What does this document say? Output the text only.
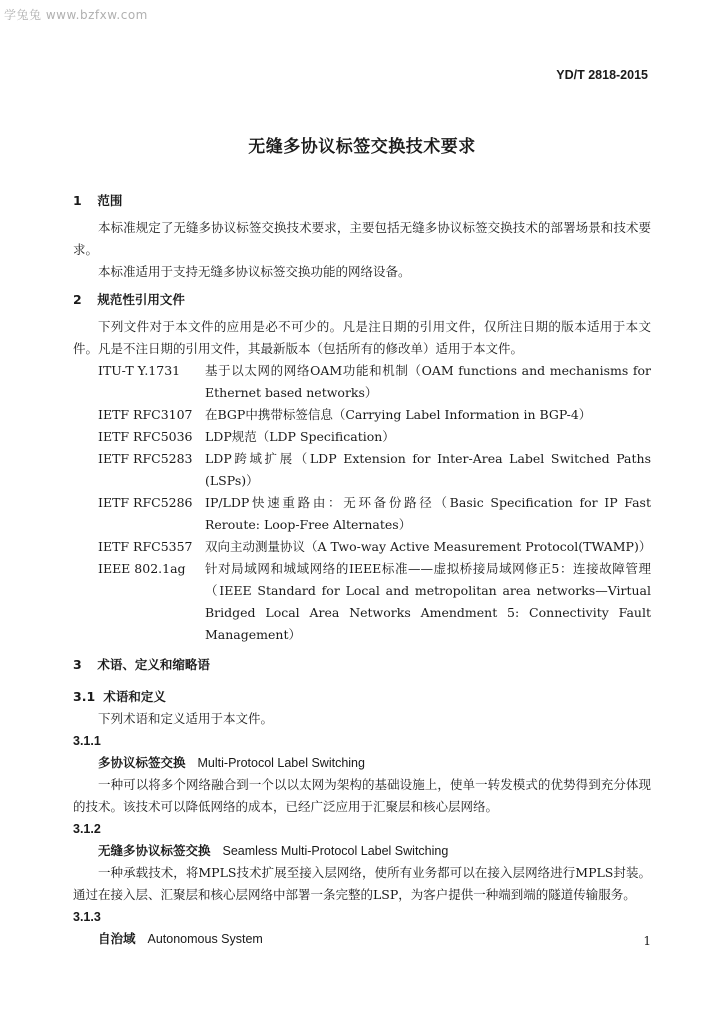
学兔兔 www.bzfxw.com
YD/T 2818-2015
无缝多协议标签交换技术要求
1 范围

本标准规定了无缝多协议标签交换技术要求，主要包括无缝多协议标签交换技术的部署场景和技术要求。

本标准适用于支持无缝多协议标签交换功能的网络设备。

2 规范性引用文件

下列文件对于本文件的应用是必不可少的。凡是注日期的引用文件，仅所注日期的版本适用于本文件。凡是不注日期的引用文件，其最新版本（包括所有的修改单）适用于本文件。

ITU-T Y.1731	基于以太网的网络OAM功能和机制（OAM functions and mechanisms for Ethernet based networks）
IETF RFC3107 在BGP中携带标签信息（Carrying Label Information in BGP-4）
IETF RFC5036 LDP规范（LDP Specification）
IETF RFC5283 LDP跨域扩展（LDP Extension for Inter-Area Label Switched Paths (LSPs)）
IETF RFC5286 IP/LDP快速重路由：无环备份路径（Basic Specification for IP Fast Reroute: Loop-Free Alternates）
IETF RFC5357 双向主动测量协议（A Two-way Active Measurement Protocol(TWAMP)）
IEEE 802.1ag	针对局域网和城域网络的IEEE标准——虚拟桥接局域网修正5：连接故障管理（IEEE Standard for Local and metropolitan area networks—Virtual Bridged Local Area Networks Amendment 5: Connectivity Fault Management）
3 术语、定义和缩略语
3.1 术语和定义

下列术语和定义适用于本文件。

3.1.1
多协议标签交换 Multi-Protocol Label Switching

一种可以将多个网络融合到一个以以太网为架构的基础设施上，使单一转发模式的优势得到充分体现的技术。该技术可以降低网络的成本，已经广泛应用于汇聚层和核心层网络。

3.1.2
无缝多协议标签交换 Seamless Multi-Protocol Label Switching

一种承载技术，将MPLS技术扩展至接入层网络，使所有业务都可以在接入层网络进行MPLS封装。通过在接入层、汇聚层和核心层网络中部署一条完整的LSP，为客户提供一种端到端的隧道传输服务。

3.1.3
自治域 Autonomous System	1
